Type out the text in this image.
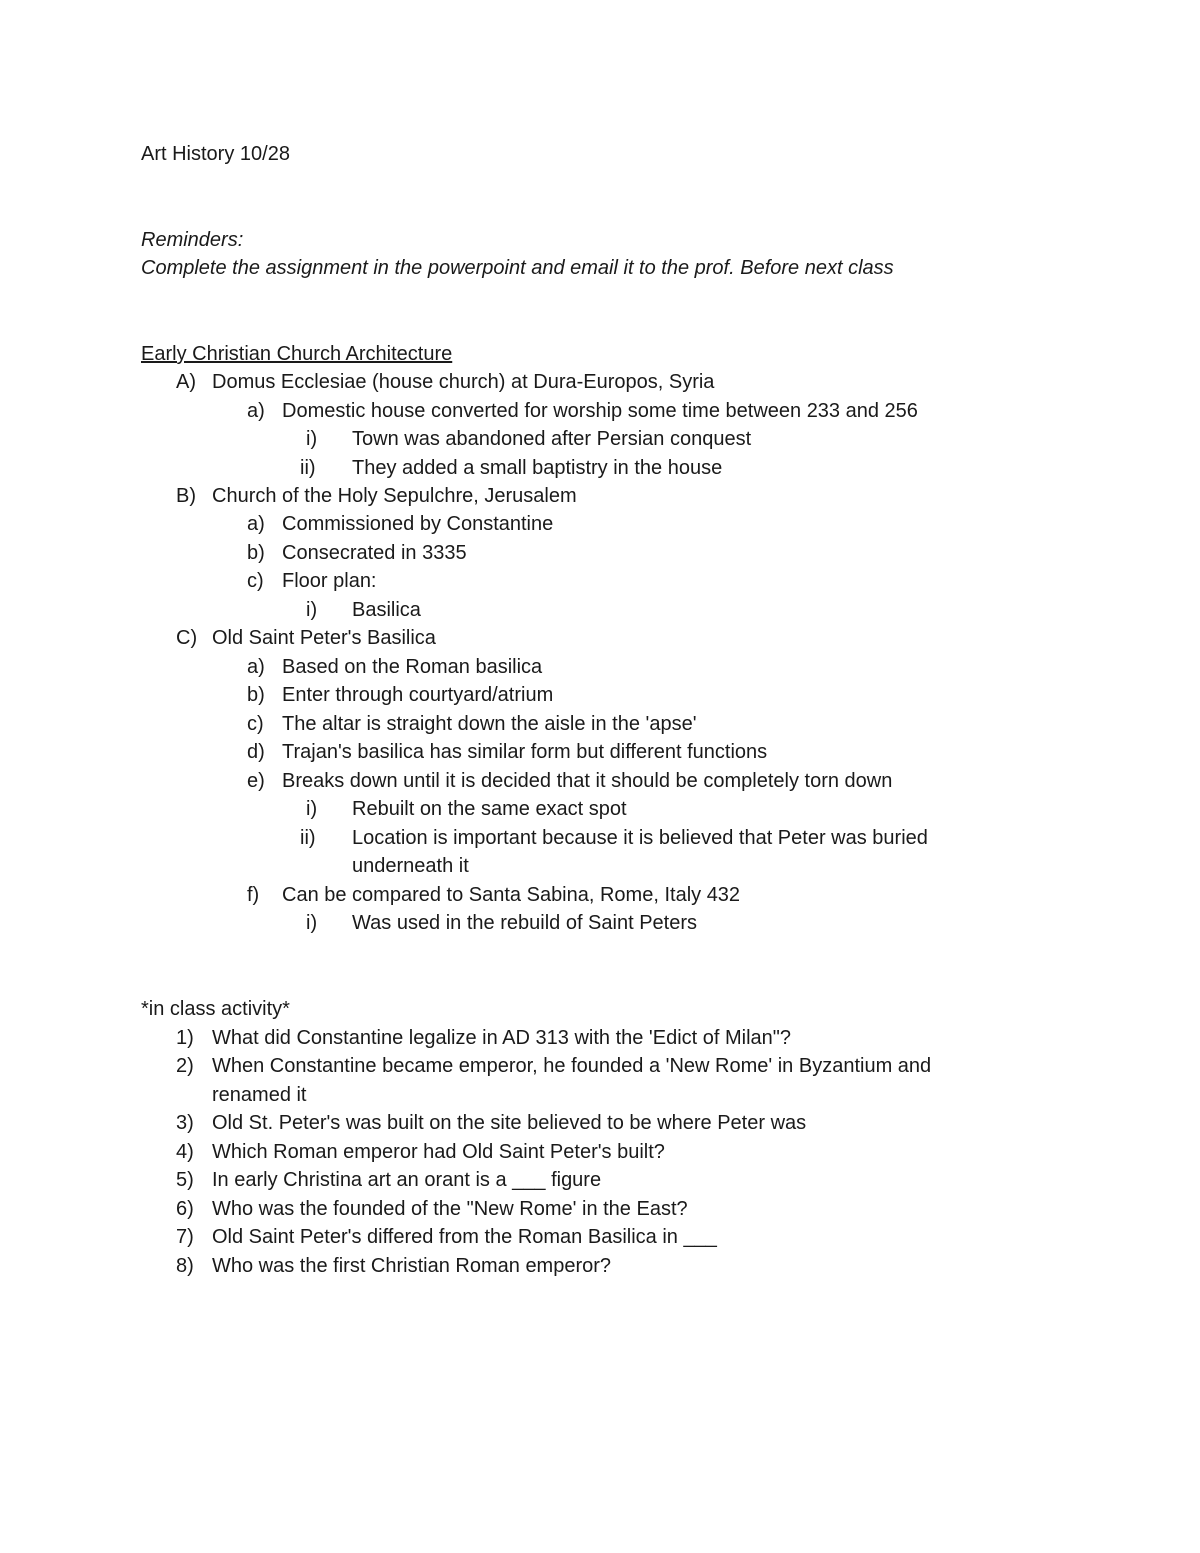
Art History 10/28
Reminders:
Complete the assignment in the powerpoint and email it to the prof. Before next class
Early Christian Church Architecture
A) Domus Ecclesiae (house church) at Dura-Europos, Syria
a) Domestic house converted for worship some time between 233 and 256
i) Town was abandoned after Persian conquest
ii) They added a small baptistry in the house
B) Church of the Holy Sepulchre, Jerusalem
a) Commissioned by Constantine
b) Consecrated in 3335
c) Floor plan:
i) Basilica
C) Old Saint Peter's Basilica
a) Based on the Roman basilica
b) Enter through courtyard/atrium
c) The altar is straight down the aisle in the 'apse'
d) Trajan's basilica has similar form but different functions
e) Breaks down until it is decided that it should be completely torn down
i) Rebuilt on the same exact spot
ii) Location is important because it is believed that Peter was buried
underneath it
f) Can be compared to Santa Sabina, Rome, Italy 432
i) Was used in the rebuild of Saint Peters
*in class activity*
1) What did Constantine legalize in AD 313 with the 'Edict of Milan"?
2) When Constantine became emperor, he founded a 'New Rome' in Byzantium and
renamed it
3) Old St. Peter's was built on the site believed to be where Peter was
4) Which Roman emperor had Old Saint Peter's built?
5) In early Christina art an orant is a ___ figure
6) Who was the founded of the "New Rome' in the East?
7) Old Saint Peter's differed from the Roman Basilica in ___
8) Who was the first Christian Roman emperor?
